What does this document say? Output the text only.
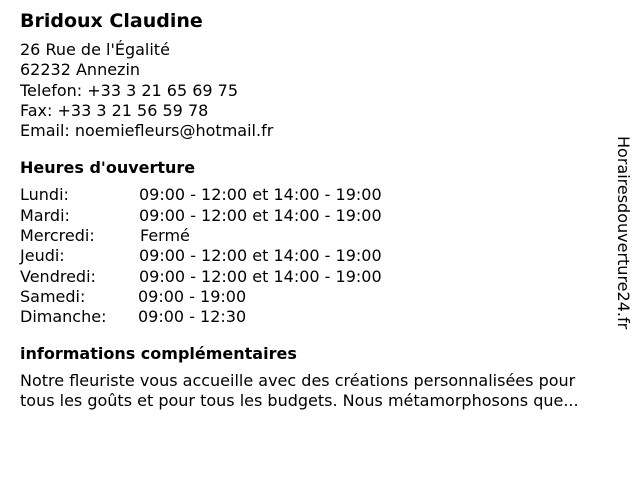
Bridoux Claudine
26 Rue de l'Égalité
62232 Annezin
Telefon: +33 3 21 65 69 75
Fax: +33 3 21 56 59 78
Email: noemiefleurs@hotmail.fr
Heures d'ouverture
Lundi:	09:00 - 12:00 et 14:00 - 19:00
Mardi:	09:00 - 12:00 et 14:00 - 19:00
Mercredi:	Fermé
Jeudi:	09:00 - 12:00 et 14:00 - 19:00
Vendredi:	09:00 - 12:00 et 14:00 - 19:00
Samedi:	09:00 - 19:00
Dimanche: 09:00 - 12:30
informations complémentaires
Notre fleuriste vous accueille avec des créations personnalisées pour
tous les goûts et pour tous les budgets. Nous métamorphosons que...
Horairesdouverture24.fr
